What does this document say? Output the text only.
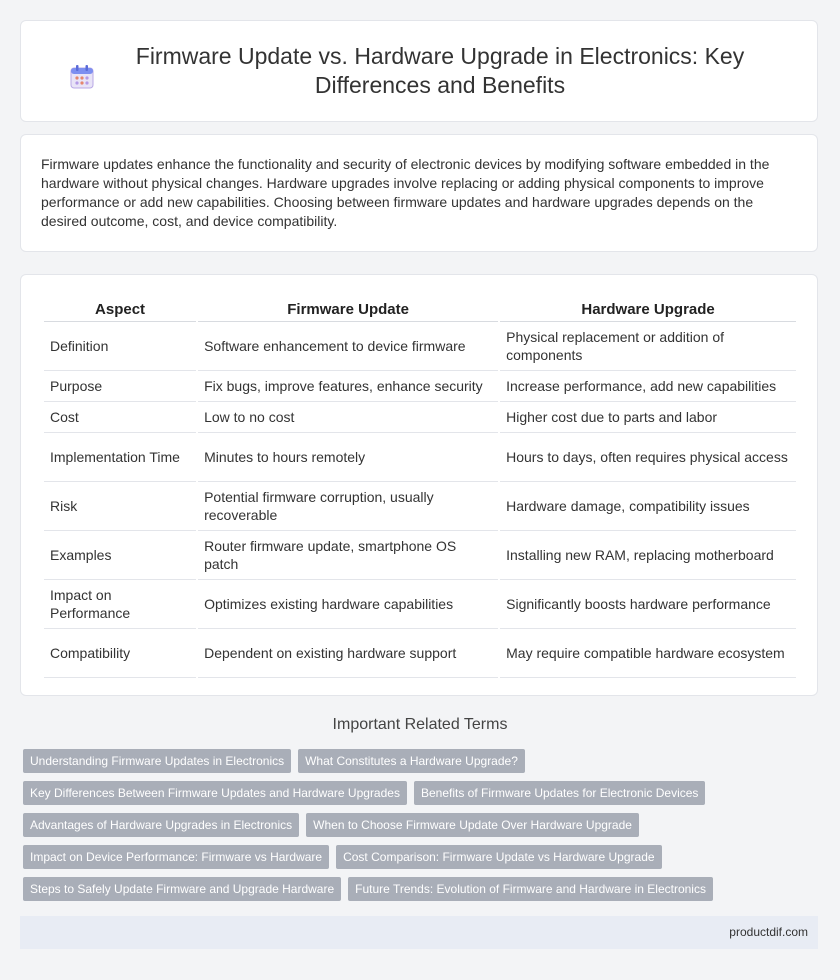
Firmware Update vs. Hardware Upgrade in Electronics: Key Differences and Benefits

Firmware updates enhance the functionality and security of electronic devices by modifying software embedded in the hardware without physical changes. Hardware upgrades involve replacing or adding physical components to improve performance or add new capabilities. Choosing between firmware updates and hardware upgrades depends on the desired outcome, cost, and device compatibility.

Aspect	Firmware Update	Hardware Upgrade
Definition	Software enhancement to device firmware	Physical replacement or addition of components
Purpose	Fix bugs, improve features, enhance security	Increase performance, add new capabilities
Cost	Low to no cost	Higher cost due to parts and labor
Implementation Time	Minutes to hours remotely	Hours to days, often requires physical access
Risk	Potential firmware corruption, usually recoverable	Hardware damage, compatibility issues
Examples	Router firmware update, smartphone OS patch	Installing new RAM, replacing motherboard
Impact on Performance	Optimizes existing hardware capabilities	Significantly boosts hardware performance
Compatibility	Dependent on existing hardware support	May require compatible hardware ecosystem
Important Related Terms
Understanding Firmware Updates in Electronics	What Constitutes a Hardware Upgrade?
Key Differences Between Firmware Updates and Hardware Upgrades	Benefits of Firmware Updates for Electronic Devices
Advantages of Hardware Upgrades in Electronics	When to Choose Firmware Update Over Hardware Upgrade
Impact on Device Performance: Firmware vs Hardware	Cost Comparison: Firmware Update vs Hardware Upgrade
Steps to Safely Update Firmware and Upgrade Hardware	Future Trends: Evolution of Firmware and Hardware in Electronics
productdif.com
